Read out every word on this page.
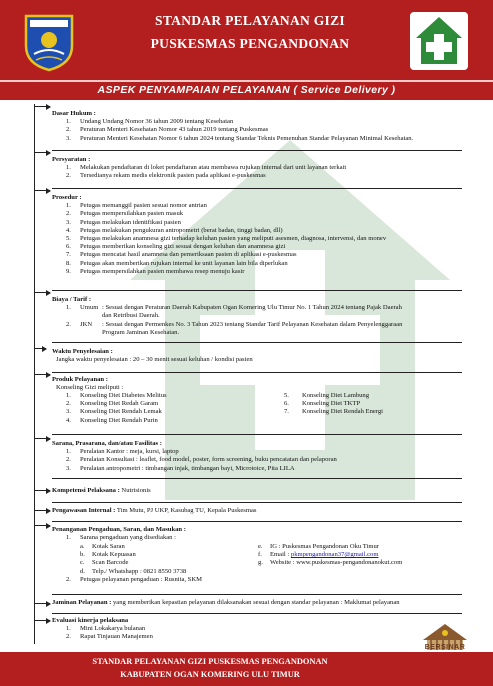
STANDAR PELAYANAN GIZI
PUSKESMAS PENGANDONAN
ASPEK PENYAMPAIAN PELAYANAN ( Service Delivery )
Dasar Hukum :
1. Undang Undang Nomor 36 tahun 2009 tentang Kesehatan
2. Peraturan Menteri Kesehatan Nomor 43 tahun 2019 tentang Puskesmas
3. Peraturan Menteri Kesehatan Nomor 6 tahun 2024 tentang Standar Teknis Pemenuhan Standar Pelayanan Minimal Kesehatan.
Persyaratan :
1. Melakukan pendaftaran di loket pendaftaran atau membawa rujukan internal dari unit layanan terkait
2. Tersedianya rekam medis elektronik pasien pada aplikasi e-puskesmas
Prosedur :
1. Petugas memanggil pasien sesuai nomor antrian
2. Petugas mempersilahkan pasien masuk
3. Petugas melakukan identifikasi pasien
4. Petugas melakukan pengukuran antropometri (berat badan, tinggi badan, dll)
5. Petugas melakukan anamnesa gizi terhadap keluhan pasien yang meliputi asesmen, diagnosa, intervensi, dan monev
6. Petugas memberikan konseling gizi sesuai dengan keluhan dan anamnesa gizi
7. Petugas mencatat hasil anamnesa dan pemeriksaan pasien di aplikasi e-puskesmas
8. Petugas akan memberikan rujukan internal ke unit layanan lain bila diperlukan
9. Petugas mempersilahkan pasien membawa resep menuju kasir
Biaya / Tarif :
1. Umum : Sesuai dengan Peraturan Daerah Kabupaten Ogan Komering Ulu Timur No. 1 Tahun 2024 tentang Pajak Daerah
dan Retribusi Daerah.
2. JKN : Sesuai dengan Permenkes No. 3 Tahun 2023 tentang Standar Tarif Pelayanan Kesehatan dalam Penyelenggaraan
Program Jaminan Kesehatan.
Waktu Penyelesaian :
Jangka waktu penyelesaian : 20 – 30 menit sesuai keluhan / kondisi pasien
Produk Pelayanan :
Konseling Gizi meliputi :
1. Konseling Diet Diabetes Melitus
2. Konseling Diet Redah Garam
3. Konseling Diet Rendah Lemak
4. Konseling Diet Rendah Purin
5. Konseling Diet Lambung
6. Konseling Diet TKTP
7. Konseling Diet Rendah Energi
Sarana, Prasarana, dan/atau Fasilitas :
1. Peralatan Kantor : meja, kursi, laptop
2. Peralatan Konsultasi : leaflet, food model, poster, form screening, buku pencatatan dan pelaporan
3. Peralatan antropometri : timbangan injak, timbangan bayi, Microtoice, Pita LILA
Kompetensi Pelaksana : Nutrisionis
Pengawasan Internal : Tim Mutu, PJ UKP, Kasubag TU, Kepala Puskesmas
Penanganan Pengaduan, Saran, dan Masukan :
1. Sarana pengaduan yang disediakan :
a. Kotak Saran
b. Kotak Kepuasan
c. Scan Barcode
d. Telp./ Whatshapp : 0821 8550 3738
e. IG : Puskesmas Pengandonan Oku Timur
f. Email : pkmpengandonan37@gmail.com
g. Website : www.puskesmas-pengandonanokut.com
2. Petugas pelayanan pengaduan : Rusnita, SKM
Jaminan Pelayanan : yang memberikan kepastian pelayanan dilaksanakan sesuai dengan standar pelayanan : Maklumat pelayanan
Evaluasi kinerja pelaksana
1. Mini Lokakarya bulanan
2. Rapat Tinjauan Manajemen
BERSINAR
STANDAR PELAYANAN GIZI PUSKESMAS PENGANDONAN
KABUPATEN OGAN KOMERING ULU TIMUR
